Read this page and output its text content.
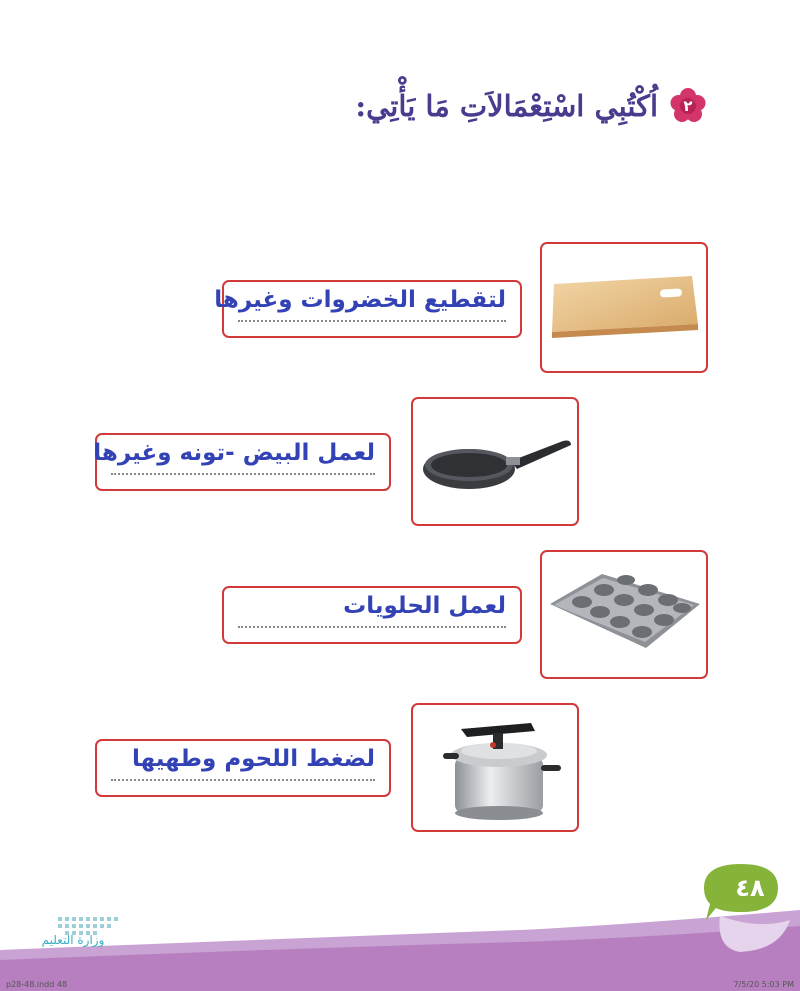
٢
اُكْتُبِي اسْتِعْمَالاَتِ مَا يَأْتِي:
لتقطيع الخضروات وغيرها
لعمل البيض -تونه وغيرها
لعمل الحلويات
لضغط اللحوم وطهيها
٤٨
وزارة التعليم
p28-48.indd 48	7/5/20 5:03 PM
